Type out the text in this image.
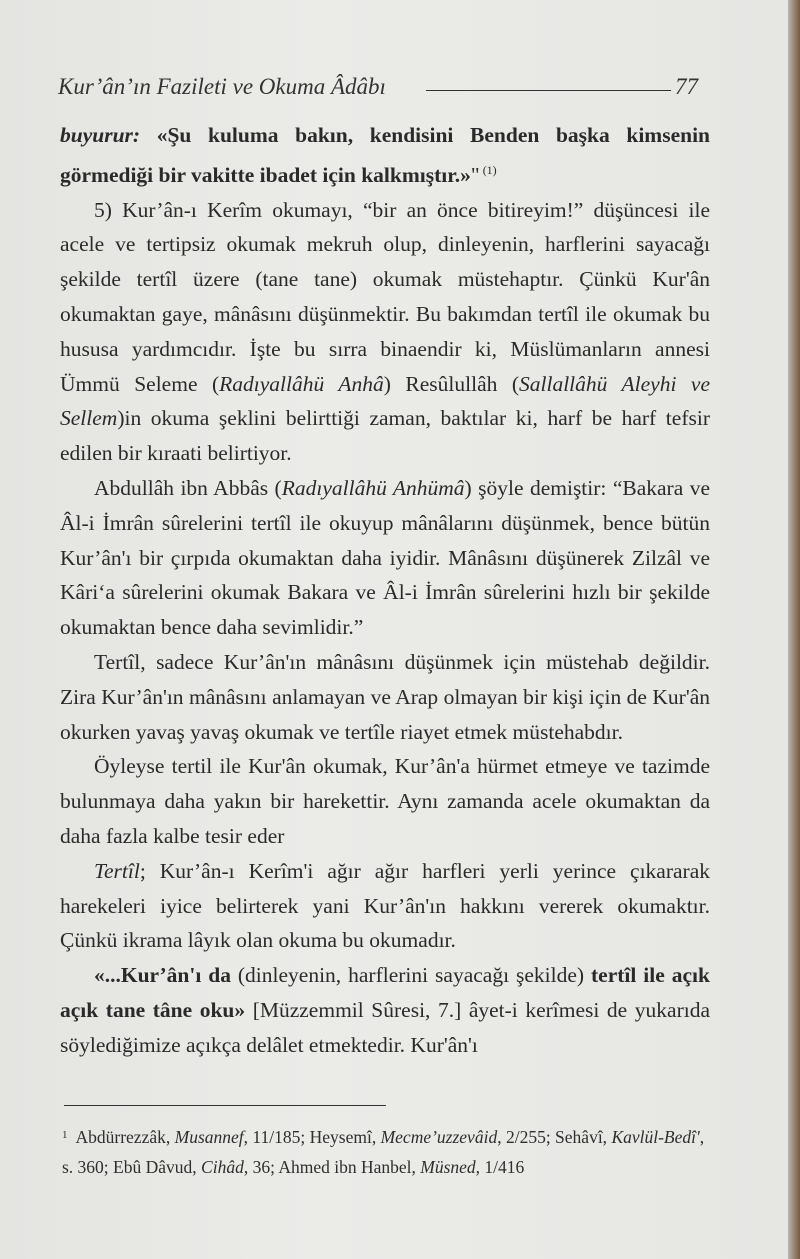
Kur’ân’ın Fazileti ve Okuma Âdâbı	77

buyurur: «Şu kuluma bakın, kendisini Benden başka kimsenin görmediği bir vakitte ibadet için kalkmıştır.»" $^{(1)}$

5) Kur’ân-ı Kerîm okumayı, “bir an önce bitireyim!” düşüncesi ile acele ve tertipsiz okumak mekruh olup, dinleyenin, harflerini sayacağı şekilde tertîl üzere (tane tane) okumak müstehaptır. Çünkü Kur'ân okumaktan gaye, mânâsını düşünmektir. Bu bakımdan tertîl ile okumak bu hususa yardımcıdır. İşte bu sırra binaendir ki, Müslümanların annesi Ümmü Seleme (Radıyallâhü Anhâ) Resûlullâh (Sallallâhü Aleyhi ve Sellem)in okuma şeklini belirttiği zaman, baktılar ki, harf be harf tefsir edilen bir kıraati belirtiyor.

Abdullâh ibn Abbâs (Radıyallâhü Anhümâ) şöyle demiştir: “Bakara ve Âl-i İmrân sûrelerini tertîl ile okuyup mânâlarını düşünmek, bence bütün Kur’ân'ı bir çırpıda okumaktan daha iyidir. Mânâsını düşünerek Zilzâl ve Kâri‘a sûrelerini okumak Bakara ve Âl-i İmrân sûrelerini hızlı bir şekilde okumaktan bence daha sevimlidir.”

Tertîl, sadece Kur’ân'ın mânâsını düşünmek için müstehab değildir. Zira Kur’ân'ın mânâsını anlamayan ve Arap olmayan bir kişi için de Kur'ân okurken yavaş yavaş okumak ve tertîle riayet etmek müstehabdır.

Öyleyse tertil ile Kur'ân okumak, Kur’ân'a hürmet etmeye ve tazimde bulunmaya daha yakın bir harekettir. Aynı zamanda acele okumaktan da daha fazla kalbe tesir eder

Tertîl; Kur’ân-ı Kerîm'i ağır ağır harfleri yerli yerince çıkararak harekeleri iyice belirterek yani Kur’ân'ın hakkını vererek okumaktır. Çünkü ikrama lâyık olan okuma bu okumadır.

«...Kur’ân'ı da (dinleyenin, harflerini sayacağı şekilde) tertîl ile açık açık tane tâne oku» [Müzzemmil Sûresi, 7.] âyet-i kerîmesi de yukarıda söylediğimize açıkça delâlet etmektedir. Kur'ân'ı

$^1$ Abdürrezzâk, Musannef, 11/185; Heysemî, Mecme’uzzevâid, 2/255; Sehâvî, Kavlül-Bedî', s. 360; Ebû Dâvud, Cihâd, 36; Ahmed ibn Hanbel, Müsned, 1/416
